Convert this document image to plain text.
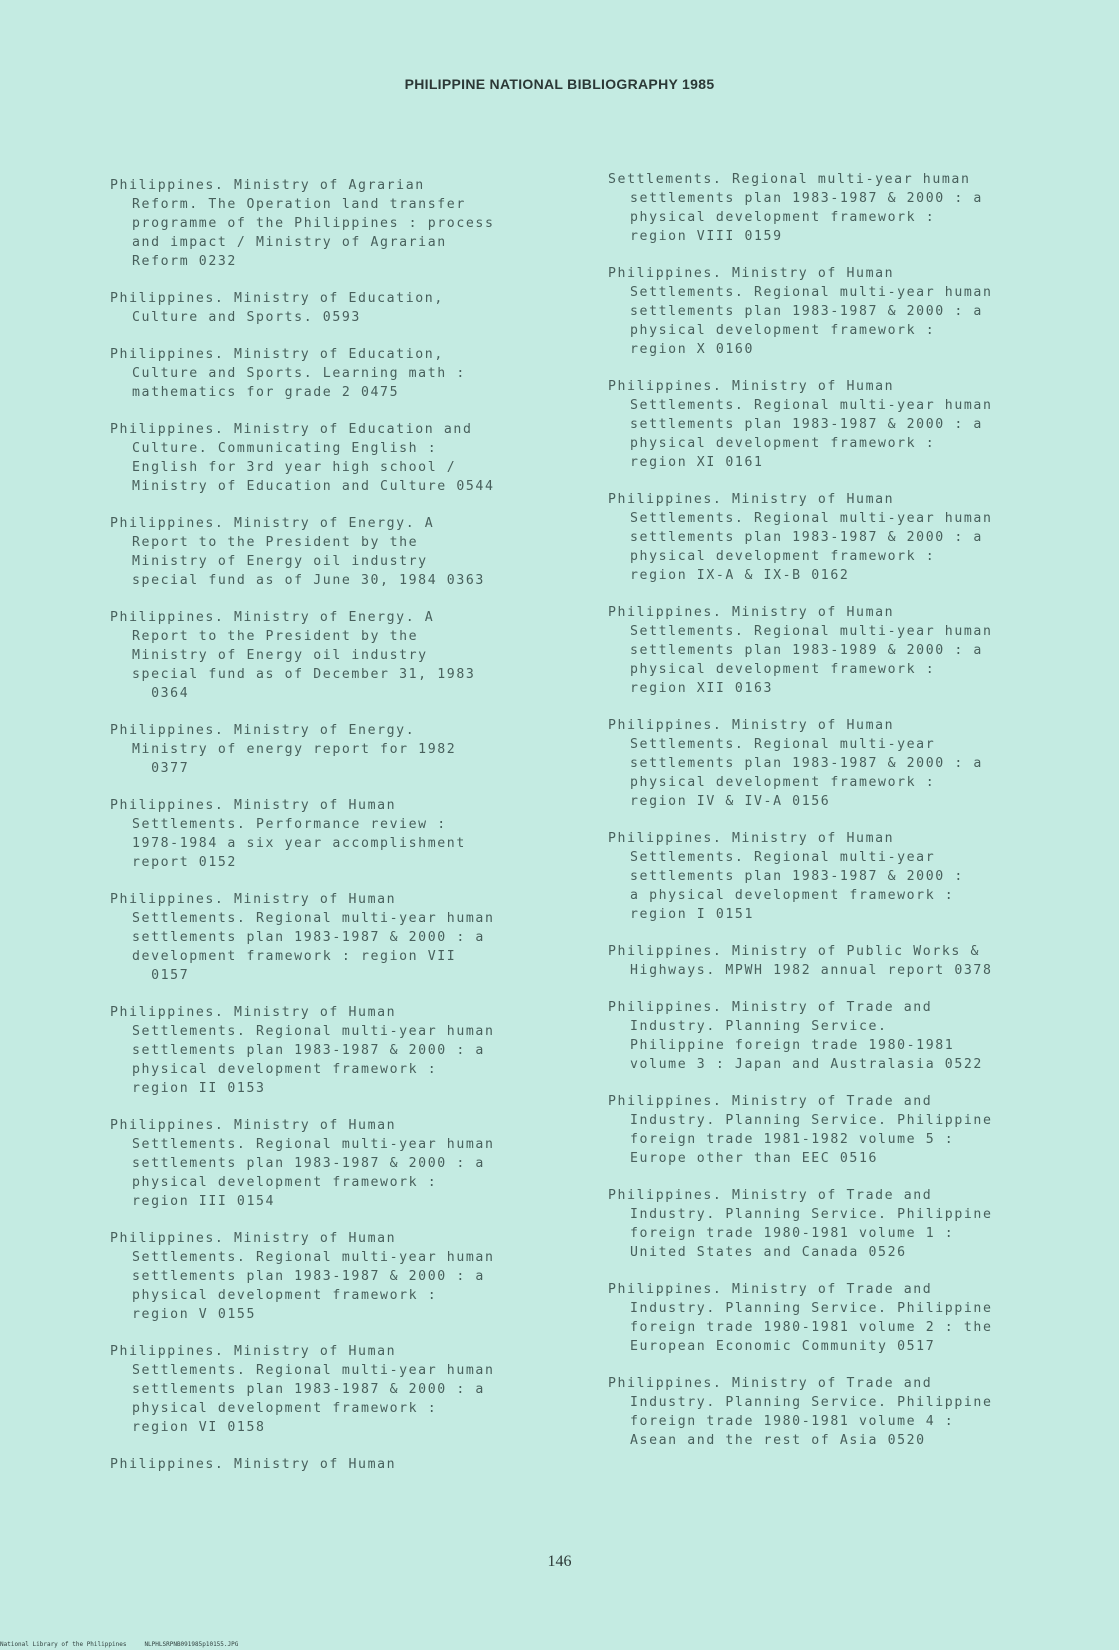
PHILIPPINE NATIONAL BIBLIOGRAPHY 1985
Philippines. Ministry of Agrarian
Reform. The Operation land transfer
programme of the Philippines : process
and impact / Ministry of Agrarian
Reform 0232
Philippines. Ministry of Education,
Culture and Sports. 0593
Philippines. Ministry of Education,
Culture and Sports. Learning math :
mathematics for grade 2 0475
Philippines. Ministry of Education and
Culture. Communicating English :
English for 3rd year high school /
Ministry of Education and Culture 0544
Philippines. Ministry of Energy. A
Report to the President by the
Ministry of Energy oil industry
special fund as of June 30, 1984 0363
Philippines. Ministry of Energy. A
Report to the President by the
Ministry of Energy oil industry
special fund as of December 31, 1983
0364
Philippines. Ministry of Energy.
Ministry of energy report for 1982
0377
Philippines. Ministry of Human
Settlements. Performance review :
1978-1984 a six year accomplishment
report 0152
Philippines. Ministry of Human
Settlements. Regional multi-year human
settlements plan 1983-1987 & 2000 : a
development framework : region VII
0157
Philippines. Ministry of Human
Settlements. Regional multi-year human
settlements plan 1983-1987 & 2000 : a
physical development framework :
region II 0153
Philippines. Ministry of Human
Settlements. Regional multi-year human
settlements plan 1983-1987 & 2000 : a
physical development framework :
region III 0154
Philippines. Ministry of Human
Settlements. Regional multi-year human
settlements plan 1983-1987 & 2000 : a
physical development framework :
region V 0155
Philippines. Ministry of Human
Settlements. Regional multi-year human
settlements plan 1983-1987 & 2000 : a
physical development framework :
region VI 0158
Philippines. Ministry of Human
Settlements. Regional multi-year human
settlements plan 1983-1987 & 2000 : a
physical development framework :
region VIII 0159
Philippines. Ministry of Human
Settlements. Regional multi-year human
settlements plan 1983-1987 & 2000 : a
physical development framework :
region X 0160
Philippines. Ministry of Human
Settlements. Regional multi-year human
settlements plan 1983-1987 & 2000 : a
physical development framework :
region XI 0161
Philippines. Ministry of Human
Settlements. Regional multi-year human
settlements plan 1983-1987 & 2000 : a
physical development framework :
region IX-A & IX-B 0162
Philippines. Ministry of Human
Settlements. Regional multi-year human
settlements plan 1983-1989 & 2000 : a
physical development framework :
region XII 0163
Philippines. Ministry of Human
Settlements. Regional multi-year
settlements plan 1983-1987 & 2000 : a
physical development framework :
region IV & IV-A 0156
Philippines. Ministry of Human
Settlements. Regional multi-year
settlements plan 1983-1987 & 2000 :
a physical development framework :
region I 0151
Philippines. Ministry of Public Works &
Highways. MPWH 1982 annual report 0378
Philippines. Ministry of Trade and
Industry. Planning Service.
Philippine foreign trade 1980-1981
volume 3 : Japan and Australasia 0522
Philippines. Ministry of Trade and
Industry. Planning Service. Philippine
foreign trade 1981-1982 volume 5 :
Europe other than EEC 0516
Philippines. Ministry of Trade and
Industry. Planning Service. Philippine
foreign trade 1980-1981 volume 1 :
United States and Canada 0526
Philippines. Ministry of Trade and
Industry. Planning Service. Philippine
foreign trade 1980-1981 volume 2 : the
European Economic Community 0517
Philippines. Ministry of Trade and
Industry. Planning Service. Philippine
foreign trade 1980-1981 volume 4 :
Asean and the rest of Asia 0520
146
National Library of the Philippines	NLPHLSRPNB091985p10155.JPG
